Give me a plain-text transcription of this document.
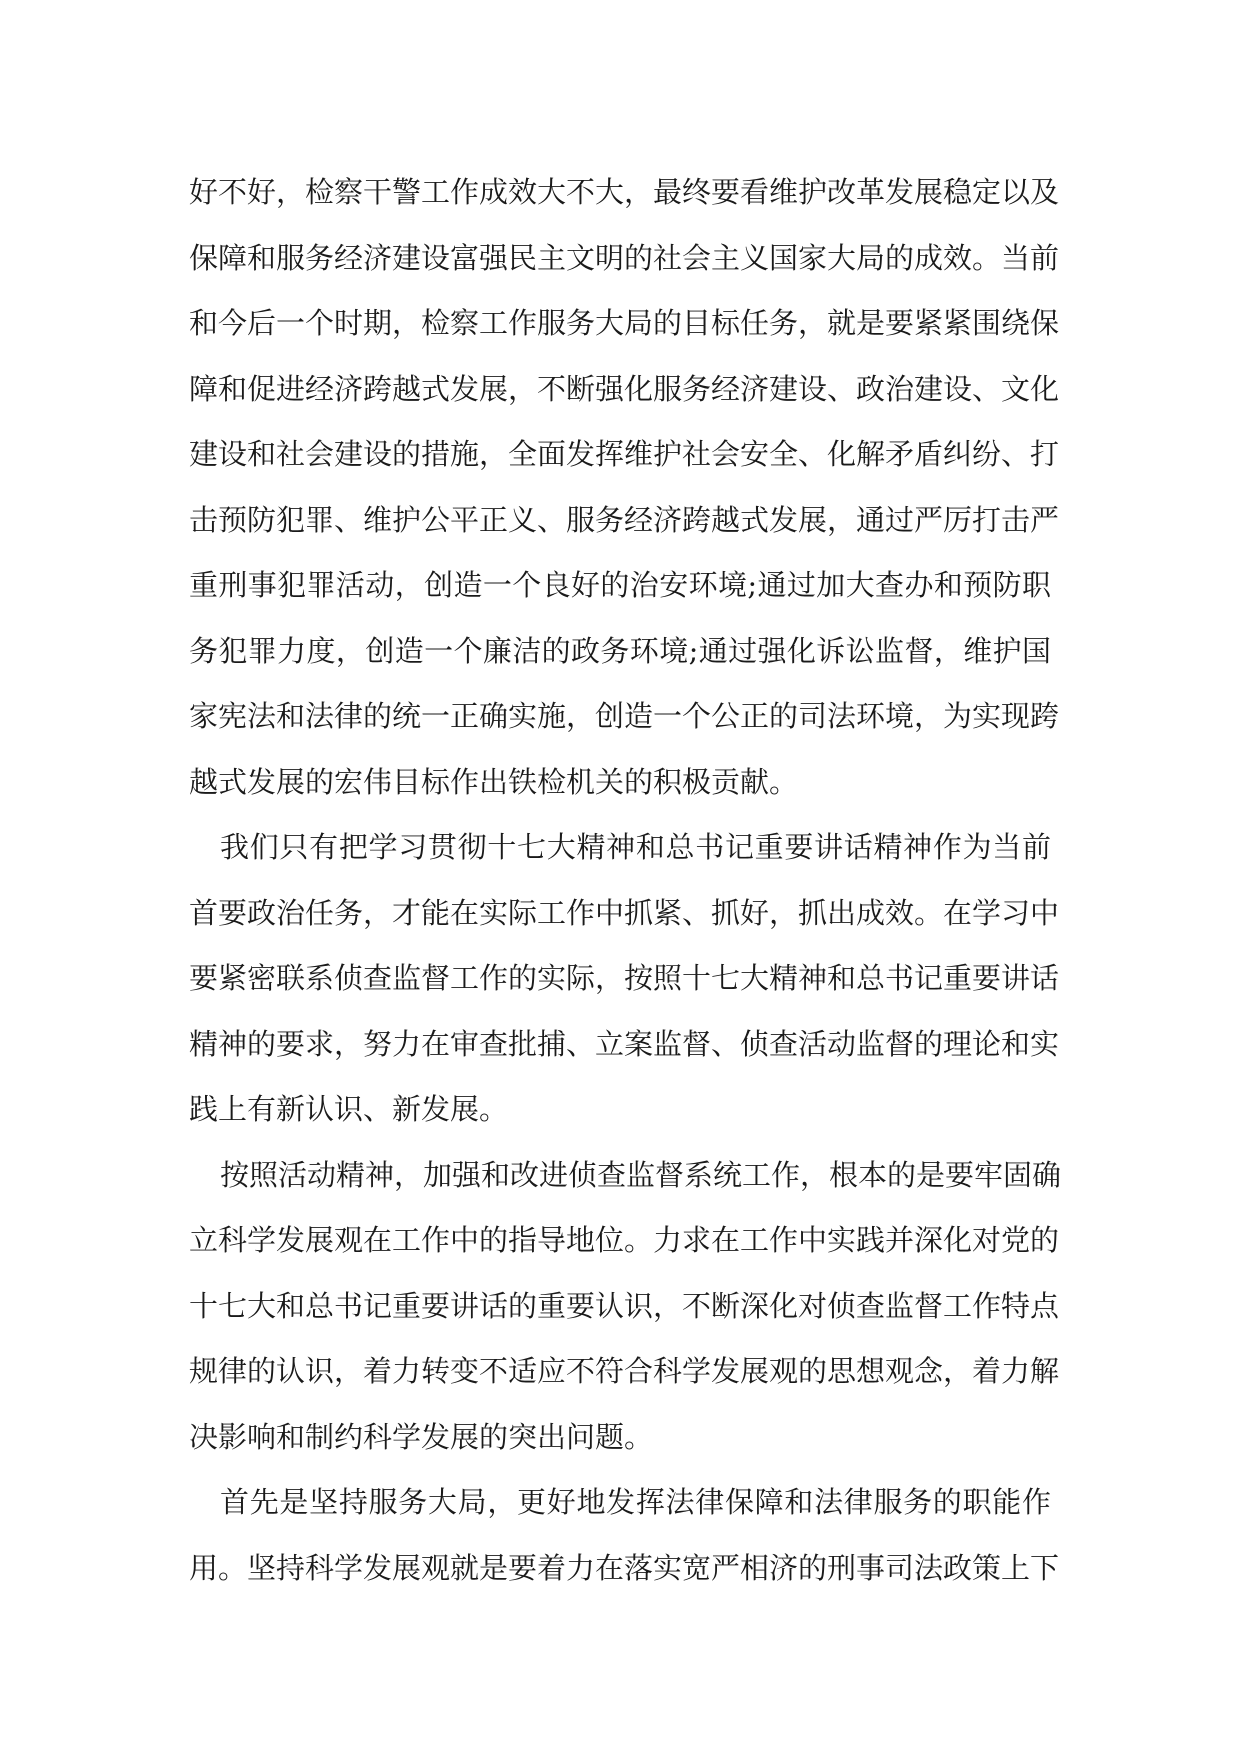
好不好，检察干警工作成效大不大，最终要看维护改革发展稳定以及
保障和服务经济建设富强民主文明的社会主义国家大局的成效。当前
和今后一个时期，检察工作服务大局的目标任务，就是要紧紧围绕保
障和促进经济跨越式发展，不断强化服务经济建设、政治建设、文化
建设和社会建设的措施，全面发挥维护社会安全、化解矛盾纠纷、打
击预防犯罪、维护公平正义、服务经济跨越式发展，通过严厉打击严
重刑事犯罪活动，创造一个良好的治安环境;通过加大查办和预防职
务犯罪力度，创造一个廉洁的政务环境;通过强化诉讼监督，维护国
家宪法和法律的统一正确实施，创造一个公正的司法环境，为实现跨
越式发展的宏伟目标作出铁检机关的积极贡献。
我们只有把学习贯彻十七大精神和总书记重要讲话精神作为当前
首要政治任务，才能在实际工作中抓紧、抓好，抓出成效。在学习中
要紧密联系侦查监督工作的实际，按照十七大精神和总书记重要讲话
精神的要求，努力在审查批捕、立案监督、侦查活动监督的理论和实
践上有新认识、新发展。
按照活动精神，加强和改进侦查监督系统工作，根本的是要牢固确
立科学发展观在工作中的指导地位。力求在工作中实践并深化对党的
十七大和总书记重要讲话的重要认识，不断深化对侦查监督工作特点
规律的认识，着力转变不适应不符合科学发展观的思想观念，着力解
决影响和制约科学发展的突出问题。
首先是坚持服务大局，更好地发挥法律保障和法律服务的职能作
用。坚持科学发展观就是要着力在落实宽严相济的刑事司法政策上下
